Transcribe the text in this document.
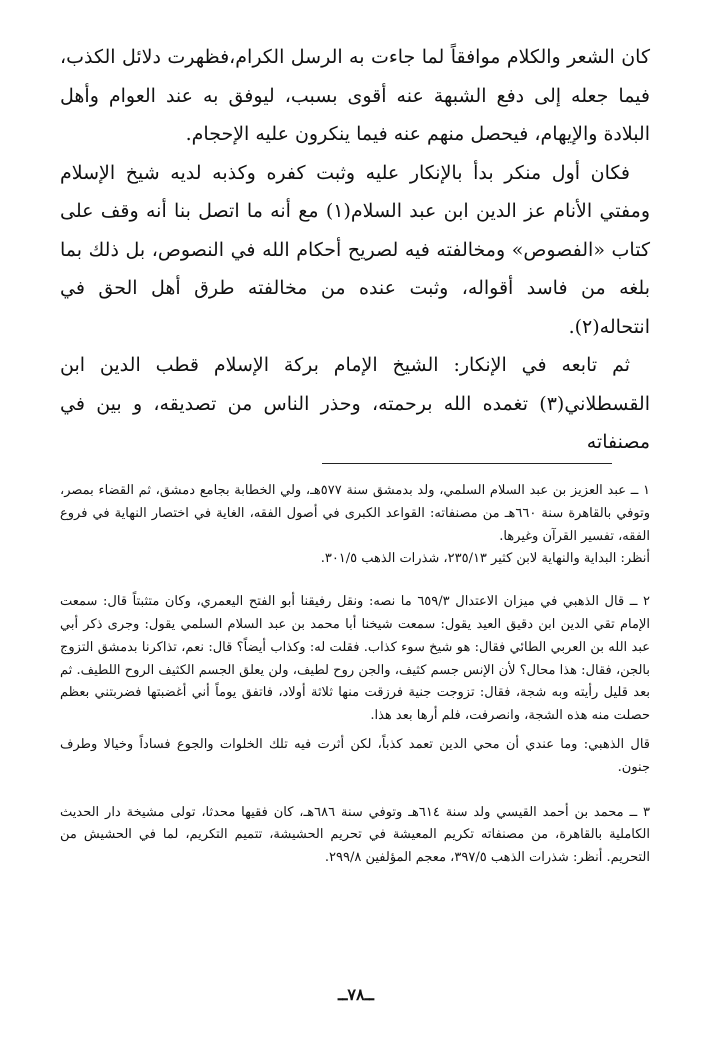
كان الشعر والكلام موافقاً لما جاءت به الرسل الكرام،فظهرت دلائل الكذب، فيما جعله إلى دفع الشبهة عنه أقوى بسبب، ليوفق به عند العوام وأهل البلادة والإيهام، فيحصل منهم عنه فيما ينكرون عليه الإحجام.

فكان أول منكر بدأ بالإنكار عليه وثبت كفره وكذبه لديه شيخ الإسلام ومفتي الأنام عز الدين ابن عبد السلام(١) مع أنه ما اتصل بنا أنه وقف على كتاب «الفصوص» ومخالفته فيه لصريح أحكام الله في النصوص، بل ذلك بما بلغه من فاسد أقواله، وثبت عنده من مخالفته طرق أهل الحق في انتحاله(٢).

ثم تابعه في الإنكار: الشيخ الإمام بركة الإسلام قطب الدين ابن القسطلاني(٣) تغمده الله برحمته، وحذر الناس من تصديقه، و بين في مصنفاته

١ ــ عبد العزيز بن عبد السلام السلمي، ولد بدمشق سنة ٥٧٧هـ، ولي الخطابة بجامع دمشق، ثم القضاء بمصر، وتوفي بالقاهرة سنة ٦٦٠هـ من مصنفاته: القواعد الكبرى في أصول الفقه، الغاية في اختصار النهاية في فروع الفقه، تفسير القرآن وغيرها.

أنظر: البداية والنهاية لابن كثير ٢٣٥/١٣، شذرات الذهب ٣٠١/٥.

٢ ــ قال الذهبي في ميزان الاعتدال ٦٥٩/٣ ما نصه: ونقل رفيقنا أبو الفتح اليعمري، وكان متثبتاً قال: سمعت الإمام تقي الدين ابن دقيق العيد يقول: سمعت شيخنا أبا محمد بن عبد السلام السلمي يقول: وجرى ذكر أبي عبد الله بن العربي الطائي فقال: هو شيخ سوء كذاب. فقلت له: وكذاب أيضاً؟ قال: نعم، تذاكرنا بدمشق التزوج بالجن، فقال: هذا محال؟ لأن الإنس جسم كثيف، والجن روح لطيف، ولن يعلق الجسم الكثيف الروح اللطيف. ثم بعد قليل رأيته وبه شجة، فقال: تزوجت جنية فرزقت منها ثلاثة أولاد، فاتفق يوماً أني أغضبتها فضربتني بعظم حصلت منه هذه الشجة، وانصرفت، فلم أرها بعد هذا.

قال الذهبي: وما عندي أن محي الدين تعمد كذباً، لكن أثرت فيه تلك الخلوات والجوع فساداً وخيالا وطرف جنون.

٣ ــ محمد بن أحمد القيسي ولد سنة ٦١٤هـ وتوفي سنة ٦٨٦هـ، كان فقيها محدثا، تولى مشيخة دار الحديث الكاملية بالقاهرة، من مصنفاته تكريم المعيشة في تحريم الحشيشة، تتميم التكريم، لما في الحشيش من التحريم. أنظر: شذرات الذهب ٣٩٧/٥، معجم المؤلفين ٢٩٩/٨.

ــ٧٨ــ
